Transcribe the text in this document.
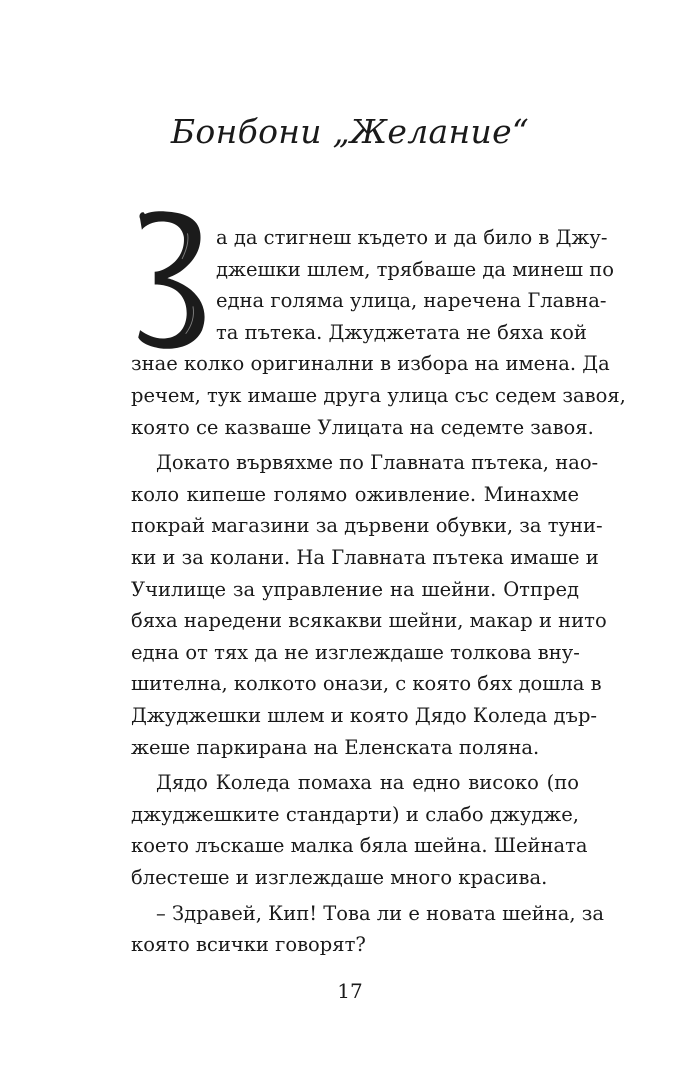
Бонбони „Желание“
17
а да стигнеш където и да било в Джу-
джешки шлем, трябваше да минеш по
една голяма улица, наречена Главна-
та пътека. Джуджетата не бяха кой
знае колко оригинални в избора на имена. Да
речем, тук имаше друга улица със седем завоя,
която се казваше Улицата на седемте завоя.
Докато вървяхме по Главната пътека, нао-
коло кипеше голямо оживление. Минахме
покрай магазини за дървени обувки, за туни-
ки и за колани. На Главната пътека имаше и
Училище за управление на шейни. Отпред
бяха наредени всякакви шейни, макар и нито
една от тях да не изглеждаше толкова вну-
шителна, колкото онази, с която бях дошла в
Джуджешки шлем и която Дядо Коледа дър-
жеше паркирана на Еленската поляна.
Дядо Коледа помаха на едно високо (по
джуджешките стандарти) и слабо джудже,
което лъскаше малка бяла шейна. Шейната
блестеше и изглеждаше много красива.
– Здравей, Кип! Това ли е новата шейна, за
която всички говорят?
